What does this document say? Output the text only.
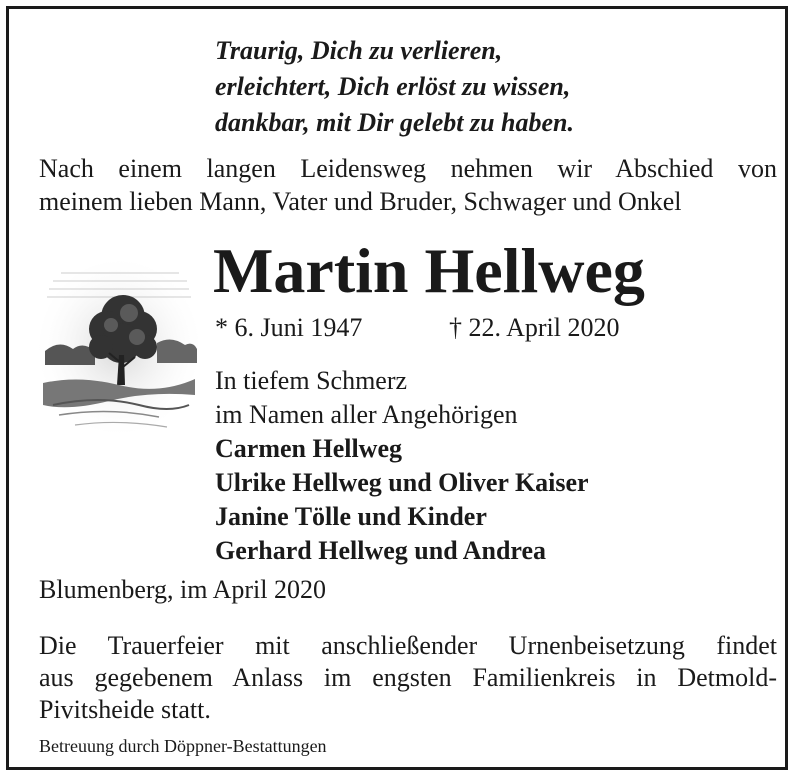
Traurig, Dich zu verlieren,
erleichtert, Dich erlöst zu wissen,
dankbar, mit Dir gelebt zu haben.
Nach einem langen Leidensweg nehmen wir Abschied von
meinem lieben Mann, Vater und Bruder, Schwager und Onkel
Martin Hellweg
* 6. Juni 1947	† 22. April 2020
In tiefem Schmerz
im Namen aller Angehörigen
Carmen Hellweg
Ulrike Hellweg und Oliver Kaiser
Janine Tölle und Kinder
Gerhard Hellweg und Andrea
Blumenberg, im April 2020
Die Trauerfeier mit anschließender Urnenbeisetzung findet
aus gegebenem Anlass im engsten Familienkreis in Detmold-
Pivitsheide statt.
Betreuung durch Döppner-Bestattungen
